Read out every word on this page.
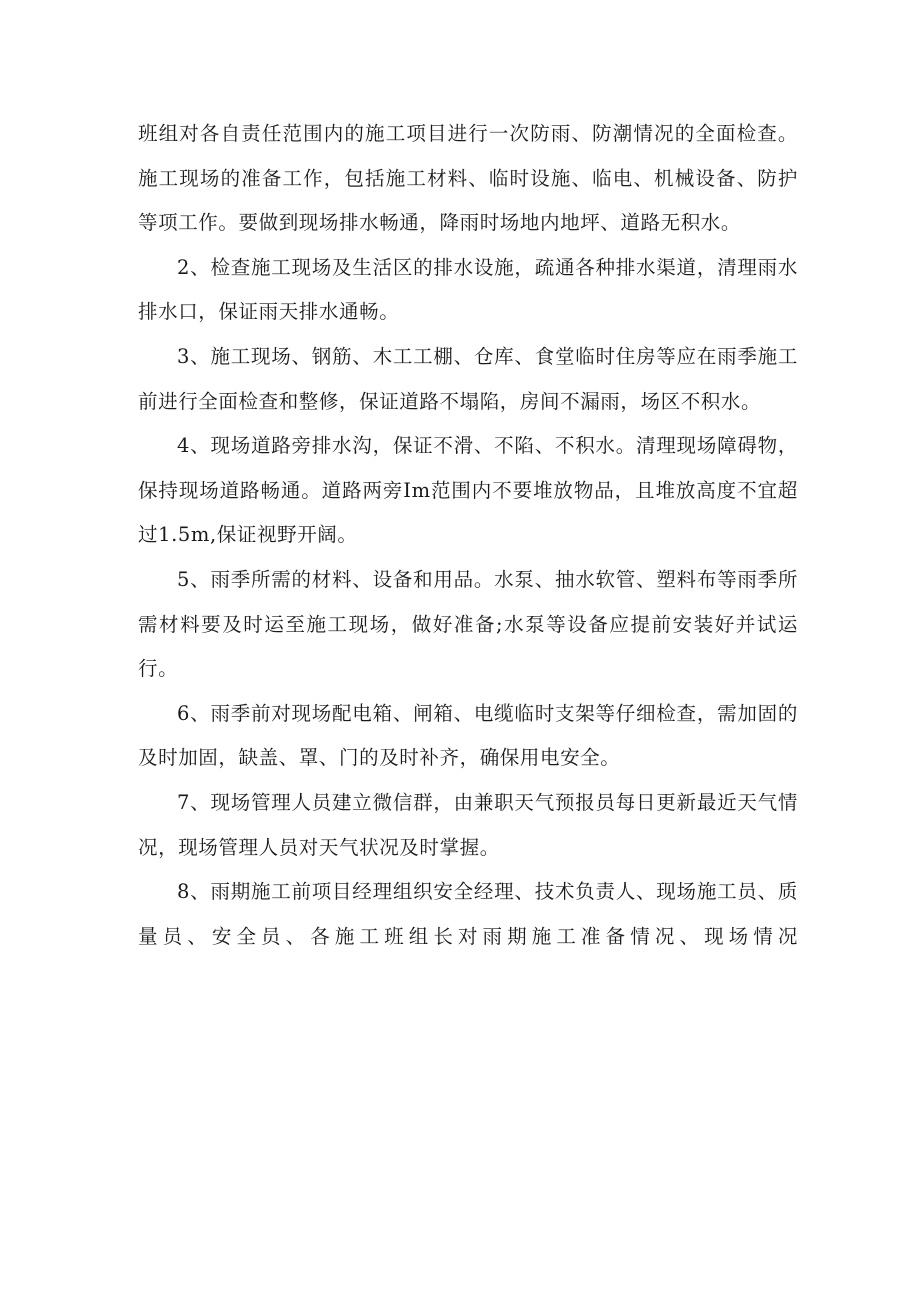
班组对各自责任范围内的施工项目进行一次防雨、防潮情况的全面检查。施工现场的准备工作，包括施工材料、临时设施、临电、机械设备、防护等项工作。要做到现场排水畅通，降雨时场地内地坪、道路无积水。

2、检查施工现场及生活区的排水设施，疏通各种排水渠道，清理雨水排水口，保证雨天排水通畅。

3、施工现场、钢筋、木工工棚、仓库、食堂临时住房等应在雨季施工前进行全面检查和整修，保证道路不塌陷，房间不漏雨，场区不积水。

4、现场道路旁排水沟，保证不滑、不陷、不积水。清理现场障碍物，保持现场道路畅通。道路两旁Im范围内不要堆放物品，且堆放高度不宜超过1.5m,保证视野开阔。

5、雨季所需的材料、设备和用品。水泵、抽水软管、塑料布等雨季所需材料要及时运至施工现场，做好准备;水泵等设备应提前安装好并试运行。

6、雨季前对现场配电箱、闸箱、电缆临时支架等仔细检查，需加固的及时加固，缺盖、罩、门的及时补齐，确保用电安全。

7、现场管理人员建立微信群，由兼职天气预报员每日更新最近天气情况，现场管理人员对天气状况及时掌握。

8、雨期施工前项目经理组织安全经理、技术负责人、现场施工员、质量员、安全员、各施工班组长对雨期施工准备情况、现场情况
